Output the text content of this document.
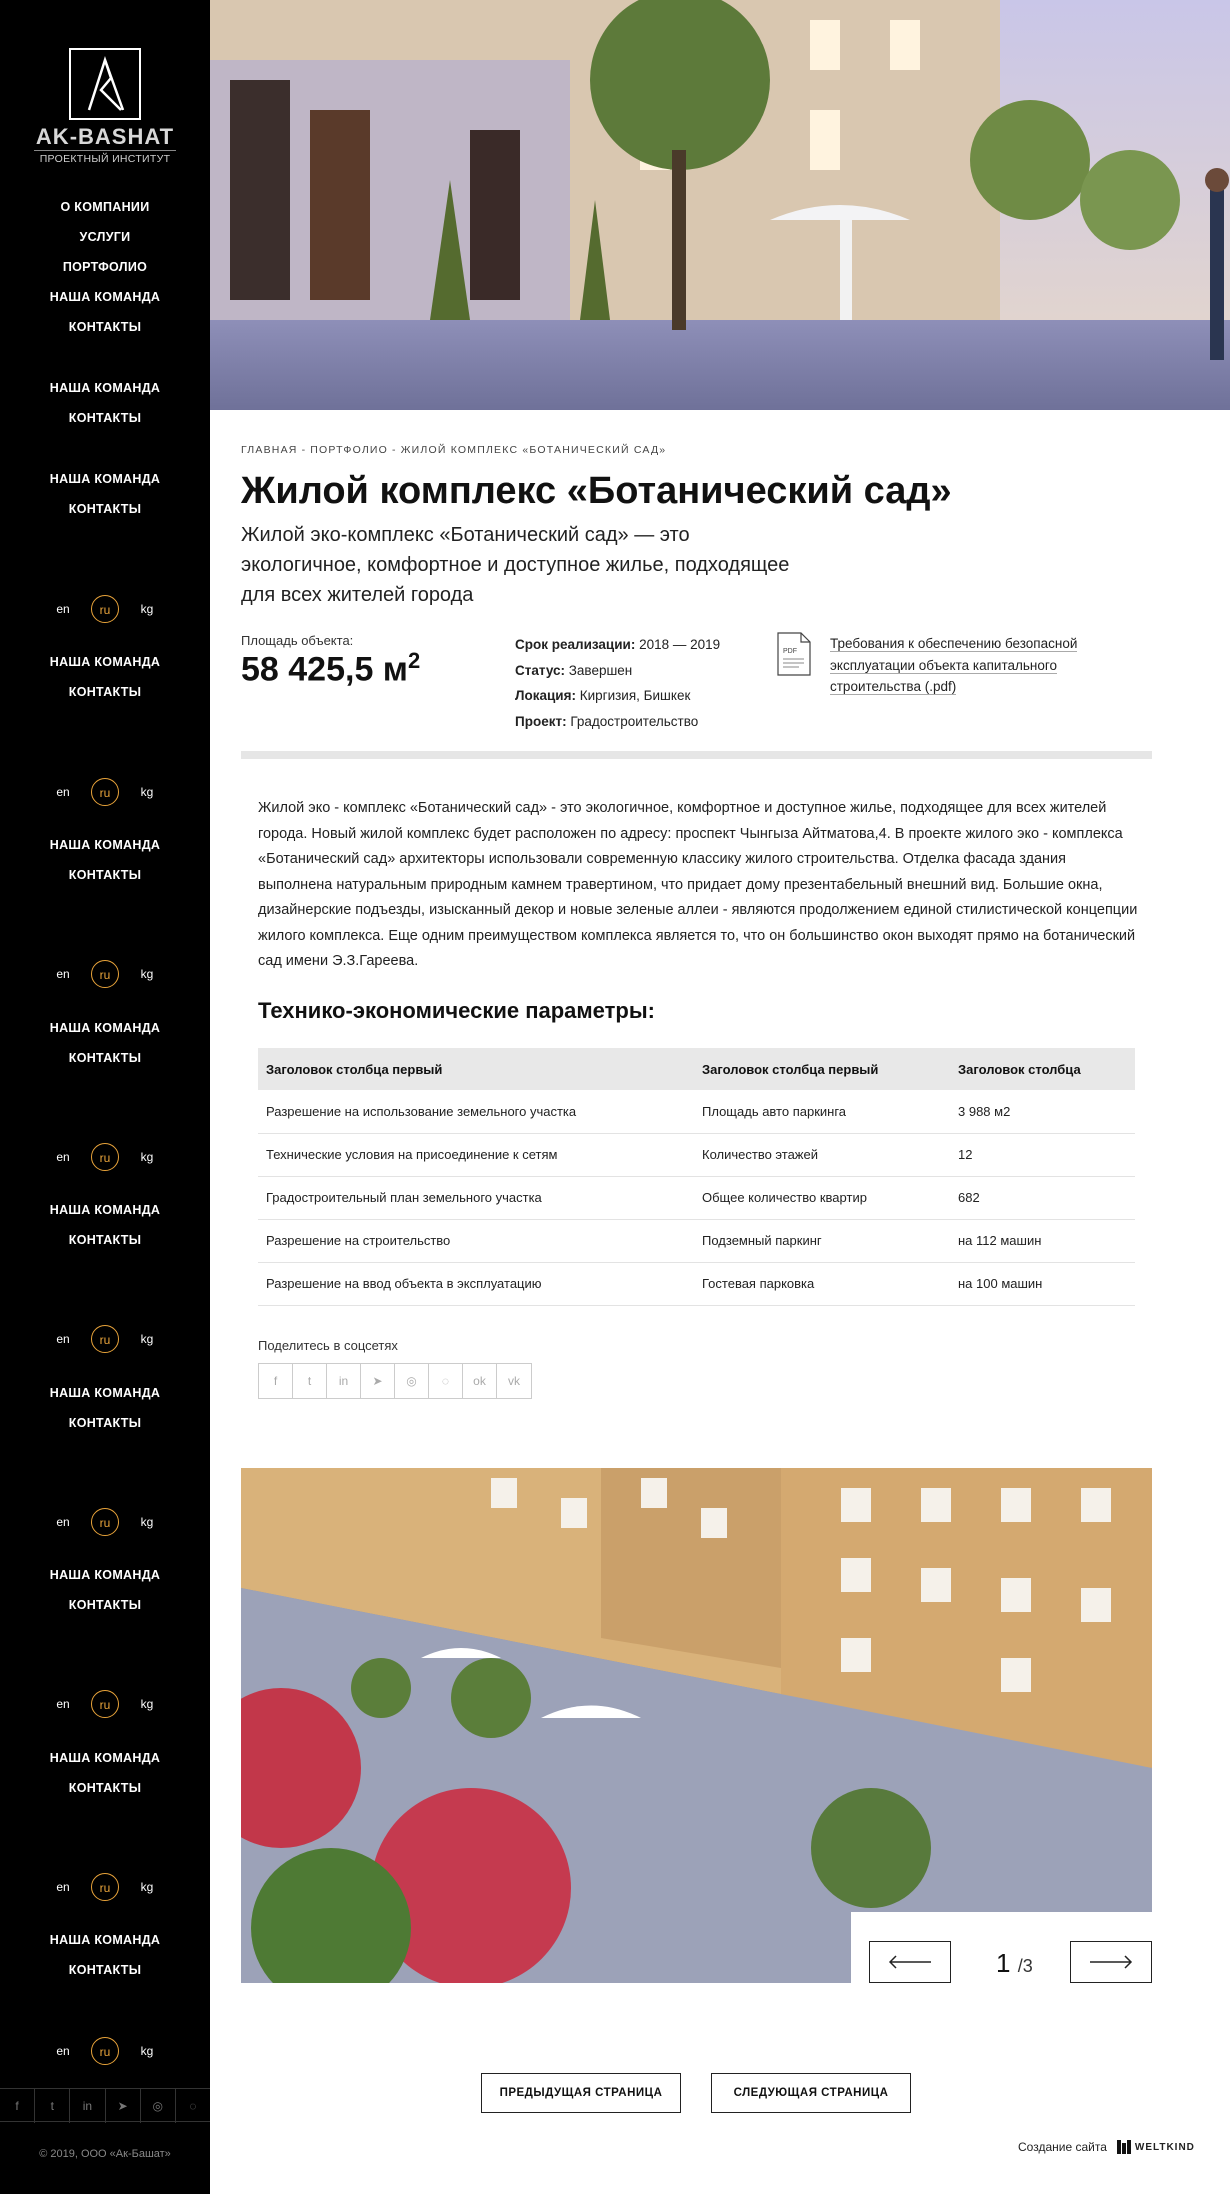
AK-BASHAT
ПРОЕКТНЫЙ ИНСТИТУТ
О КОМПАНИИ
УСЛУГИ
ПОРТФОЛИО
НАША КОМАНДА
КОНТАКТЫ
НАША КОМАНДА
КОНТАКТЫ
НАША КОМАНДА
КОНТАКТЫ
en	ru	kg
НАША КОМАНДА
КОНТАКТЫ
en	ru	kg
НАША КОМАНДА
КОНТАКТЫ
en	ru	kg
НАША КОМАНДА
КОНТАКТЫ
en	ru	kg
НАША КОМАНДА
КОНТАКТЫ
en	ru	kg
НАША КОМАНДА
КОНТАКТЫ
en	ru	kg
НАША КОМАНДА
КОНТАКТЫ
en	ru	kg
НАША КОМАНДА
КОНТАКТЫ
en	ru	kg
НАША КОМАНДА
КОНТАКТЫ
en	ru	kg
f	t	in	➤	◎	◌
© 2019, ООО «Ак-Башат»
ГЛАВНАЯ - ПОРТФОЛИО - ЖИЛОЙ КОМПЛЕКС «БОТАНИЧЕСКИЙ САД»
Жилой комплекс «Ботанический сад»

Жилой эко-комплекс «Ботанический сад» — это экологичное, комфортное и доступное жилье, подходящее для всех жителей города

Площадь объекта:
58 425,5 $м^2$
Срок реализации: 2018 — 2019
Статус: Завершен
Локация: Киргизия, Бишкек
Проект: Градостроительство
PDF
Требования к обеспечению безопасной эксплуатации объекта капитального строительства (.pdf)

Жилой эко - комплекс «Ботанический сад» - это экологичное, комфортное и доступное жилье, подходящее для всех жителей города. Новый жилой комплекс будет расположен по адресу: проспект Чынгыза Айтматова,4. В проекте жилого эко - комплекса «Ботанический сад» архитекторы использовали современную классику жилого строительства. Отделка фасада здания выполнена натуральным природным камнем травертином, что придает дому презентабельный внешний вид. Большие окна, дизайнерские подъезды, изысканный декор и новые зеленые аллеи - являются продолжением единой стилистической концепции жилого комплекса. Еще одним преимуществом комплекса является то, что он большинство окон выходят прямо на ботанический сад имени Э.З.Гареева.

Технико-экономические параметры:
Заголовок столбца первый	Заголовок столбца первый	Заголовок столбца
Разрешение на использование земельного участка	Площадь авто паркинга	3 988 м2
Технические условия на присоединение к сетям	Количество этажей	12
Градостроительный план земельного участка	Общее количество квартир	682
Разрешение на строительство	Подземный паркинг	на 112 машин
Разрешение на ввод объекта в эксплуатацию	Гостевая парковка	на 100 машин
Поделитесь в соцсетях
f	t	in	➤	◎	◌	ok	vk
1 /3
ПРЕДЫДУЩАЯ СТРАНИЦА	СЛЕДУЮЩАЯ СТРАНИЦА
Создание сайта	WELTKIND
